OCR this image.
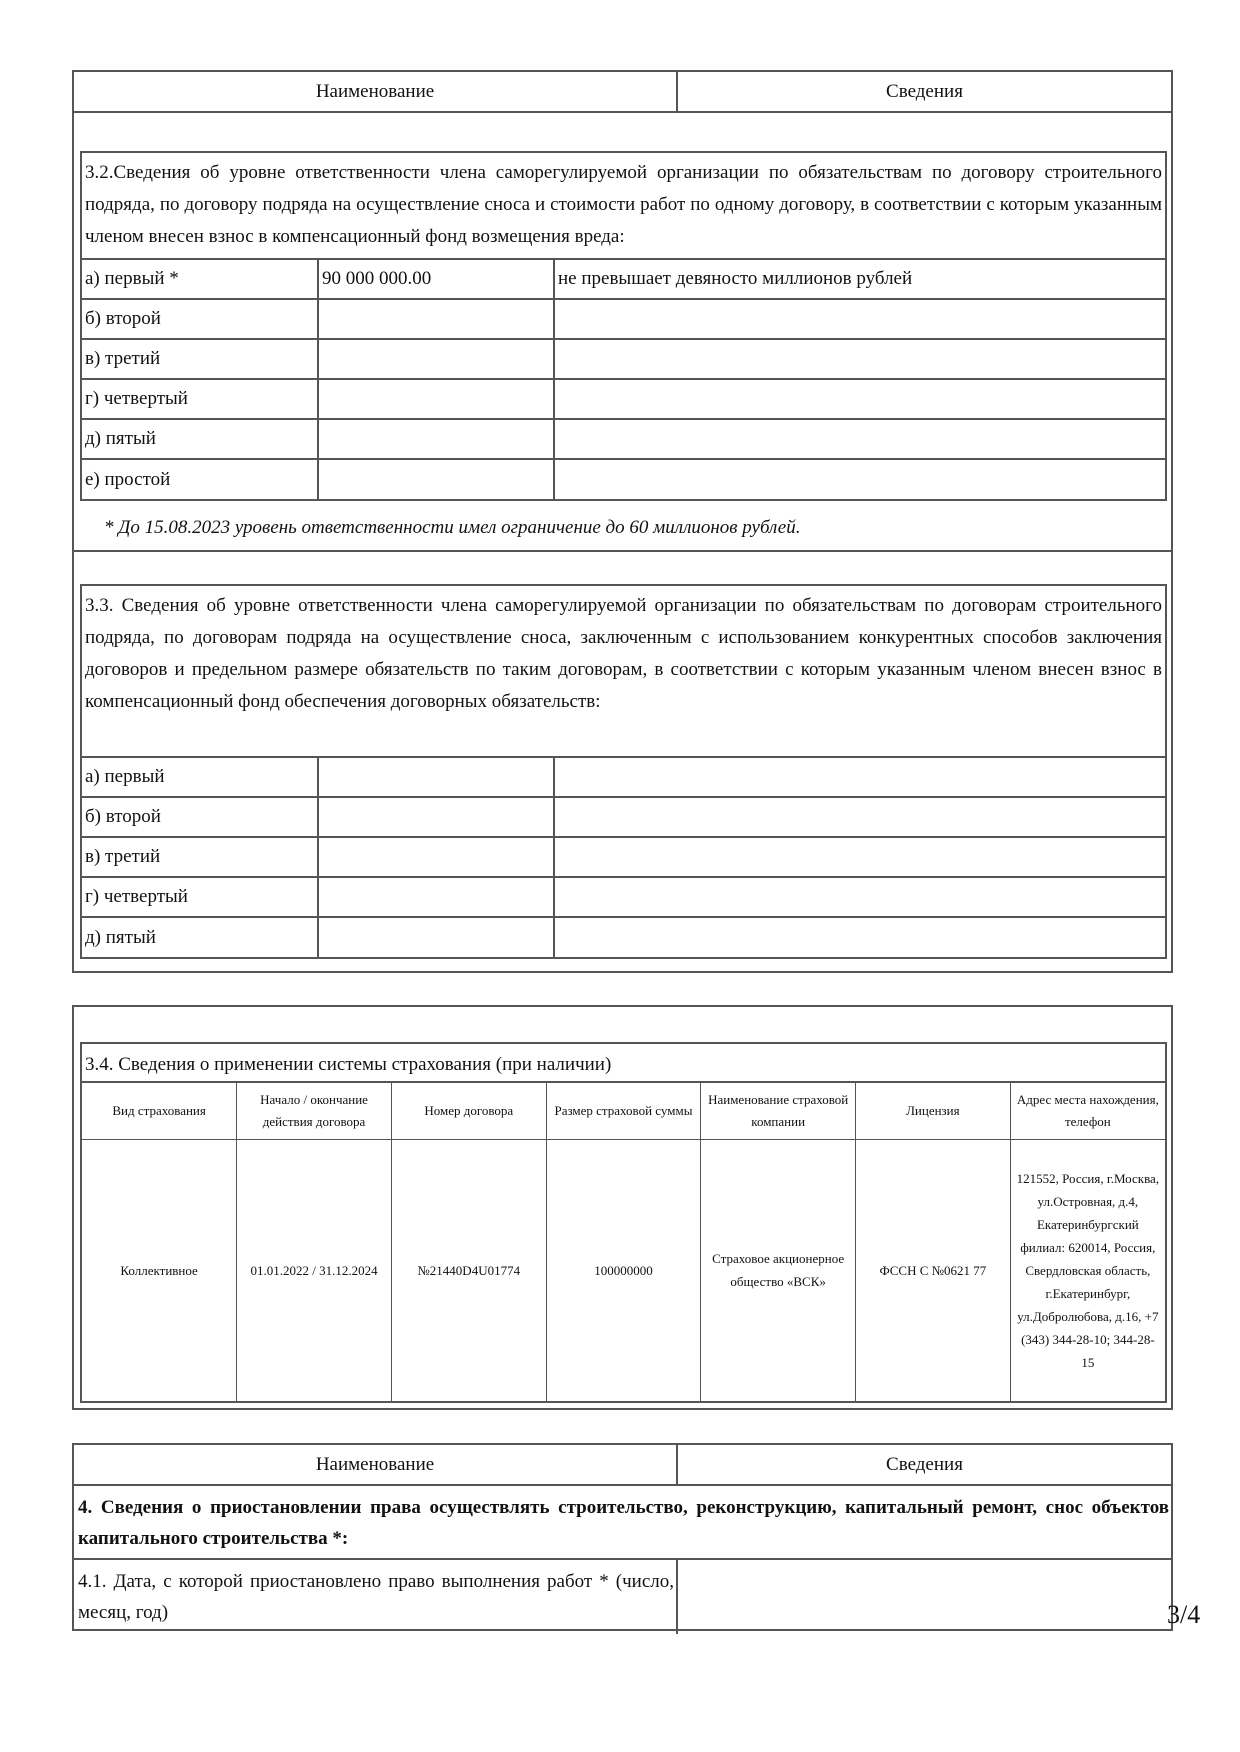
Наименование	Сведения
3.2.Сведения об уровне ответственности члена саморегулируемой организации по обязательствам по договору строительного подряда, по договору подряда на осуществление сноса и стоимости работ по одному договору, в соответствии с которым указанным членом внесен взнос в компенсационный фонд возмещения вреда:
а) первый *	90 000 000.00	не превышает девяносто миллионов рублей
б) второй		
в) третий		
г) четвертый		
д) пятый		
е) простой		
* До 15.08.2023 уровень ответственности имел ограничение до 60 миллионов рублей.
3.3. Сведения об уровне ответственности члена саморегулируемой организации по обязательствам по договорам строительного подряда, по договорам подряда на осуществление сноса, заключенным с использованием конкурентных способов заключения договоров и предельном размере обязательств по таким договорам, в соответствии с которым указанным членом внесен взнос в компенсационный фонд обеспечения договорных обязательств:
а) первый		
б) второй		
в) третий		
г) четвертый		
д) пятый		
3.4. Сведения о применении системы страхования (при наличии)
Вид страхования	Начало / окончание действия договора	Номер договора	Размер страховой суммы	Наименование страховой компании	Лицензия	Адрес места нахождения, телефон
Коллективное	01.01.2022 / 31.12.2024	№21440D4U01774	100000000	Страховое акционерное общество «ВСК»	ФССН С №0621 77	121552, Россия, г.Москва, ул.Островная, д.4, Екатеринбургский филиал: 620014, Россия, Свердловская область, г.Екатеринбург, ул.Добролюбова, д.16, +7 (343) 344-28-10; 344-28-15
Наименование	Сведения
4. Сведения о приостановлении права осуществлять строительство, реконструкцию, капитальный ремонт, снос объектов капитального строительства *:
4.1. Дата, с которой приостановлено право выполнения работ * (число, месяц, год)	3/4
